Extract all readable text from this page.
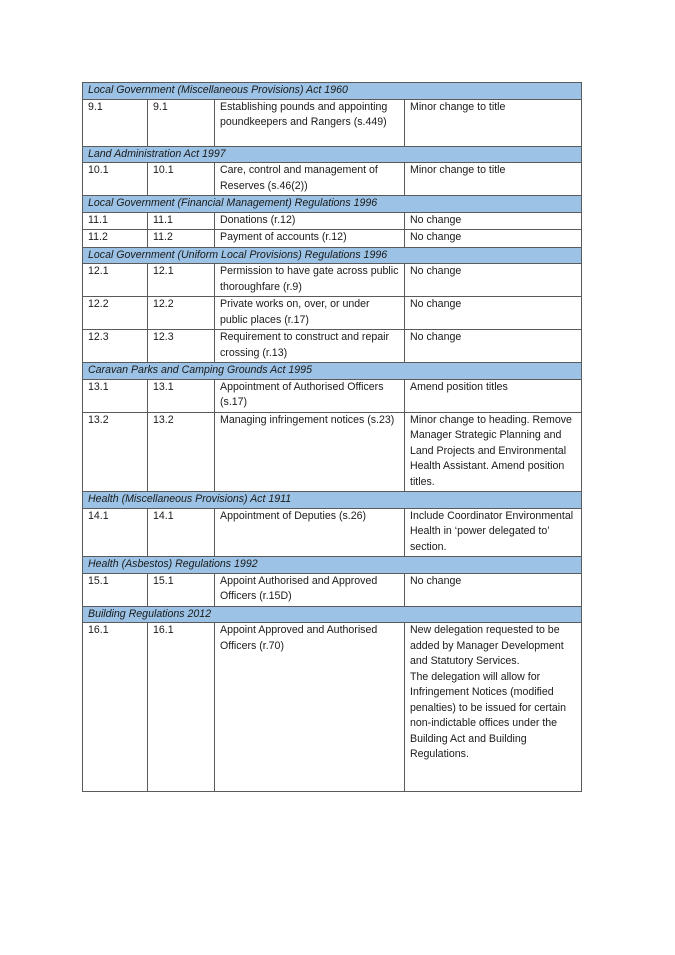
Local Government (Miscellaneous Provisions) Act 1960			
9.1	9.1	Establishing pounds and appointing poundkeepers and Rangers (s.449)	Minor change to title
Land Administration Act 1997			
10.1	10.1	Care, control and management of Reserves (s.46(2))	Minor change to title
Local Government (Financial Management) Regulations 1996			
11.1	11.1	Donations (r.12)	No change
11.2	11.2	Payment of accounts (r.12)	No change
Local Government (Uniform Local Provisions) Regulations 1996			
12.1	12.1	Permission to have gate across public thoroughfare (r.9)	No change
12.2	12.2	Private works on, over, or under public places (r.17)	No change
12.3	12.3	Requirement to construct and repair crossing (r.13)	No change
Caravan Parks and Camping Grounds Act 1995			
13.1	13.1	Appointment of Authorised Officers (s.17)	Amend position titles
13.2	13.2	Managing infringement notices (s.23)	Minor change to heading. Remove Manager Strategic Planning and Land Projects and Environmental Health Assistant. Amend position titles.
Health (Miscellaneous Provisions) Act 1911			
14.1	14.1	Appointment of Deputies (s.26)	Include Coordinator Environmental Health in ‘power delegated to’ section.
Health (Asbestos) Regulations 1992			
15.1	15.1	Appoint Authorised and Approved Officers (r.15D)	No change
Building Regulations 2012			
16.1	16.1	Appoint Approved and Authorised Officers (r.70)	New delegation requested to be added by Manager Development and Statutory Services.
The delegation will allow for Infringement Notices (modified penalties) to be issued for certain non-indictable offices under the Building Act and Building Regulations.
